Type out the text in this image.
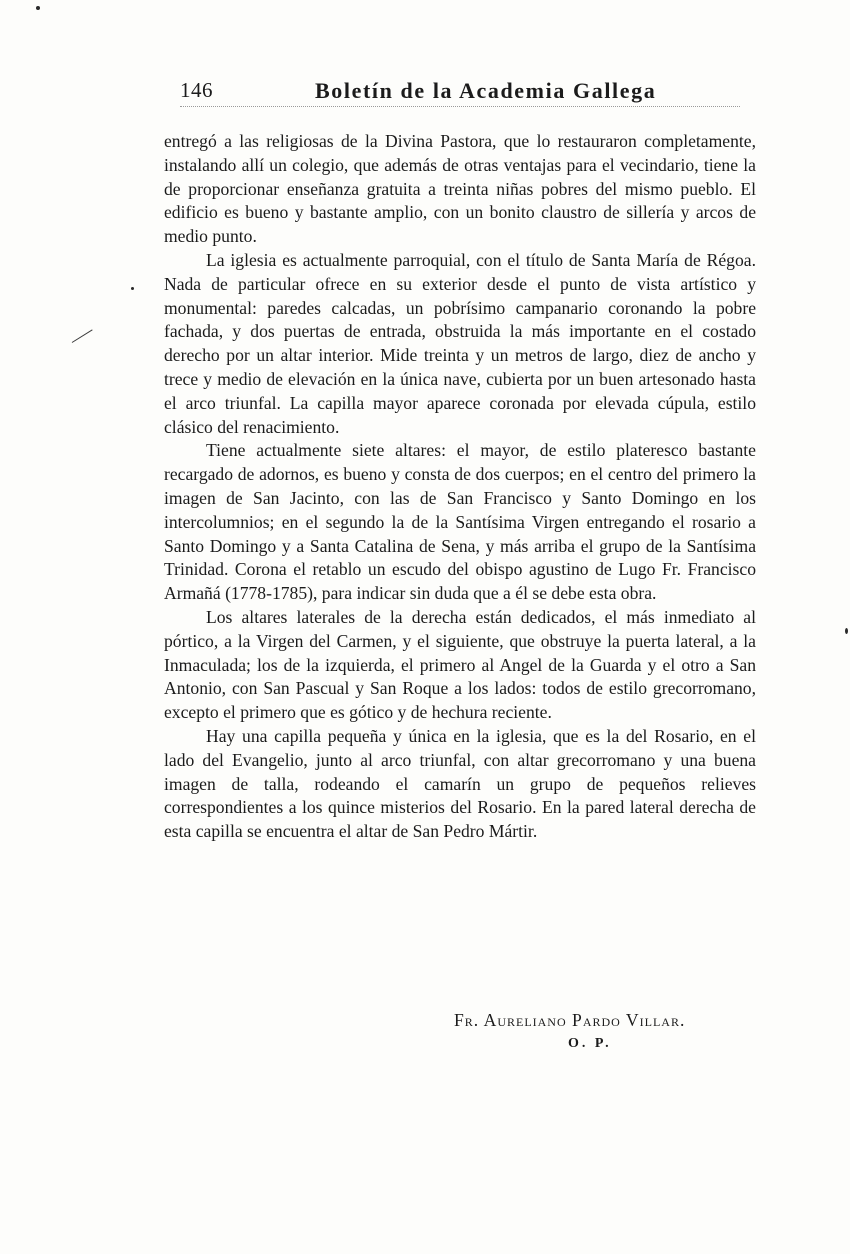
146	Boletín de la Academia Gallega

entregó a las religiosas de la Divina Pastora, que lo restauraron completamente, instalando allí un colegio, que además de otras ventajas para el vecindario, tiene la de proporcionar enseñanza gratuita a treinta niñas pobres del mismo pueblo. El edificio es bueno y bastante amplio, con un bonito claustro de sillería y arcos de medio punto.

La iglesia es actualmente parroquial, con el título de Santa María de Régoa. Nada de particular ofrece en su exterior desde el punto de vista artístico y monumental: paredes calcadas, un pobrísimo campanario coronando la pobre fachada, y dos puertas de entrada, obstruida la más importante en el costado derecho por un altar interior. Mide treinta y un metros de largo, diez de ancho y trece y medio de elevación en la única nave, cubierta por un buen artesonado hasta el arco triunfal. La capilla mayor aparece coronada por elevada cúpula, estilo clásico del renacimiento.

Tiene actualmente siete altares: el mayor, de estilo plateresco bastante recargado de adornos, es bueno y consta de dos cuerpos; en el centro del primero la imagen de San Jacinto, con las de San Francisco y Santo Domingo en los intercolumnios; en el segundo la de la Santísima Virgen entregando el rosario a Santo Domingo y a Santa Catalina de Sena, y más arriba el grupo de la Santísima Trinidad. Corona el retablo un escudo del obispo agustino de Lugo Fr. Francisco Armañá (1778-1785), para indicar sin duda que a él se debe esta obra.

Los altares laterales de la derecha están dedicados, el más inmediato al pórtico, a la Virgen del Carmen, y el siguiente, que obstruye la puerta lateral, a la Inmaculada; los de la izquierda, el primero al Angel de la Guarda y el otro a San Antonio, con San Pascual y San Roque a los lados: todos de estilo grecorromano, excepto el primero que es gótico y de hechura reciente.

Hay una capilla pequeña y única en la iglesia, que es la del Rosario, en el lado del Evangelio, junto al arco triunfal, con altar grecorromano y una buena imagen de talla, rodeando el camarín un grupo de pequeños relieves correspondientes a los quince misterios del Rosario. En la pared lateral derecha de esta capilla se encuentra el altar de San Pedro Mártir.

Fr. Aureliano Pardo Villar.
O. P.
